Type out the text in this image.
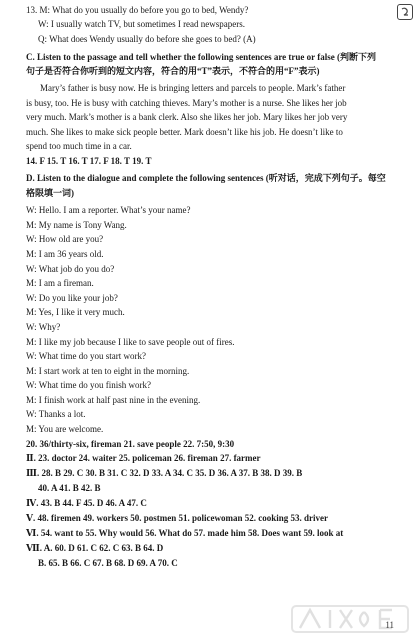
13. M: What do you usually do before you go to bed, Wendy?
W: I usually watch TV, but sometimes I read newspapers.
Q: What does Wendy usually do before she goes to bed? (A)
C. Listen to the passage and tell whether the following sentences are true or false (判断下列
句子是否符合你听到的短文内容，符合的用“T”表示，不符合的用“F”表示)
Mary’s father is busy now. He is bringing letters and parcels to people. Mark’s father
is busy, too. He is busy with catching thieves. Mary’s mother is a nurse. She likes her job
very much. Mark’s mother is a bank clerk. Also she likes her job. Mary likes her job very
much. She likes to make sick people better. Mark doesn’t like his job. He doesn’t like to
spend too much time in a car.
14. F 15. T 16. T 17. F 18. T 19. T
D. Listen to the dialogue and complete the following sentences (听对话，完成下列句子。每空
格限填一词)
W: Hello. I am a reporter. What’s your name?
M: My name is Tony Wang.
W: How old are you?
M: I am 36 years old.
W: What job do you do?
M: I am a fireman.
W: Do you like your job?
M: Yes, I like it very much.
W: Why?
M: I like my job because I like to save people out of fires.
W: What time do you start work?
M: I start work at ten to eight in the morning.
W: What time do you finish work?
M: I finish work at half past nine in the evening.
W: Thanks a lot.
M: You are welcome.
20. 36/thirty-six, fireman 21. save people 22. 7:50, 9:30
Ⅱ. 23. doctor 24. waiter 25. policeman 26. fireman 27. farmer
Ⅲ. 28. B 29. C 30. B 31. C 32. D 33. A 34. C 35. D 36. A 37. B 38. D 39. B
40. A 41. B 42. B
Ⅳ. 43. B 44. F 45. D 46. A 47. C
Ⅴ. 48. firemen 49. workers 50. postmen 51. policewoman 52. cooking 53. driver
Ⅵ. 54. want to 55. Why would 56. What do 57. made him 58. Does want 59. look at
Ⅶ. A. 60. D 61. C 62. C 63. B 64. D
B. 65. B 66. C 67. B 68. D 69. A 70. C
11
